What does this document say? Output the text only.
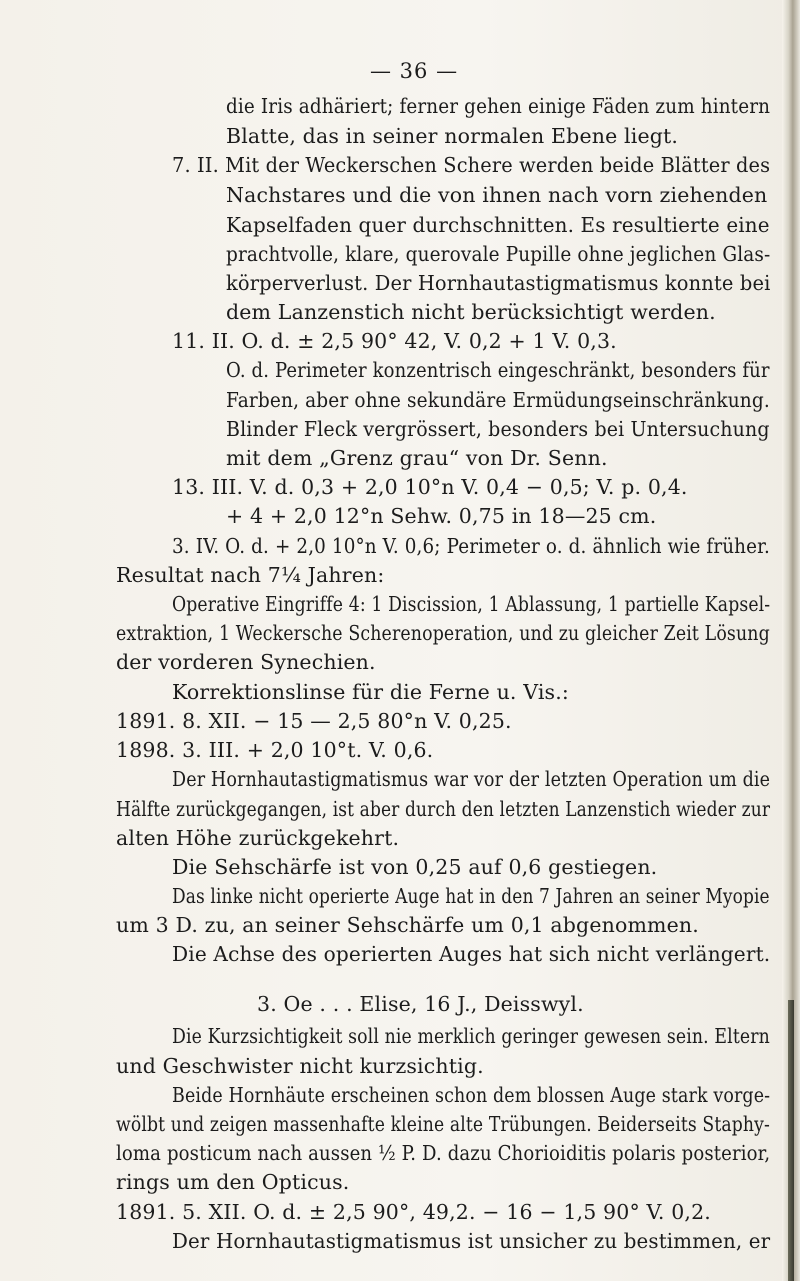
— 36 —
die Iris adhäriert; ferner gehen einige Fäden zum hintern
Blatte, das in seiner normalen Ebene liegt.
7. II. Mit der Weckerschen Schere werden beide Blätter des
Nachstares und die von ihnen nach vorn ziehenden
Kapselfaden quer durchschnitten. Es resultierte eine
prachtvolle, klare, querovale Pupille ohne jeglichen Glas-
körperverlust. Der Hornhautastigmatismus konnte bei
dem Lanzenstich nicht berücksichtigt werden.
11. II. O. d. ± 2,5 90° 42, V. 0,2 + 1 V. 0,3.
O. d. Perimeter konzentrisch eingeschränkt, besonders für
Farben, aber ohne sekundäre Ermüdungseinschränkung.
Blinder Fleck vergrössert, besonders bei Untersuchung
mit dem „Grenz grau“ von Dr. Senn.
13. III. V. d. 0,3 + 2,0 10°n V. 0,4 − 0,5; V. p. 0,4.
+ 4 + 2,0 12°n Sehw. 0,75 in 18—25 cm.
3. IV. O. d. + 2,0 10°n V. 0,6; Perimeter o. d. ähnlich wie früher.
Resultat nach 7¼ Jahren:
Operative Eingriffe 4: 1 Discission, 1 Ablassung, 1 partielle Kapsel-
extraktion, 1 Weckersche Scherenoperation, und zu gleicher Zeit Lösung
der vorderen Synechien.
Korrektionslinse für die Ferne u. Vis.:
1891. 8. XII. − 15 — 2,5 80°n V. 0,25.
1898. 3. III. + 2,0 10°t. V. 0,6.
Der Hornhautastigmatismus war vor der letzten Operation um die
Hälfte zurückgegangen, ist aber durch den letzten Lanzenstich wieder zur
alten Höhe zurückgekehrt.
Die Sehschärfe ist von 0,25 auf 0,6 gestiegen.
Das linke nicht operierte Auge hat in den 7 Jahren an seiner Myopie
um 3 D. zu, an seiner Sehschärfe um 0,1 abgenommen.
Die Achse des operierten Auges hat sich nicht verlängert.
3. Oe . . . Elise, 16 J., Deisswyl.
Die Kurzsichtigkeit soll nie merklich geringer gewesen sein. Eltern
und Geschwister nicht kurzsichtig.
Beide Hornhäute erscheinen schon dem blossen Auge stark vorge-
wölbt und zeigen massenhafte kleine alte Trübungen. Beiderseits Staphy-
loma posticum nach aussen ½ P. D. dazu Chorioiditis polaris posterior,
rings um den Opticus.
1891. 5. XII. O. d. ± 2,5 90°, 49,2. − 16 − 1,5 90° V. 0,2.
Der Hornhautastigmatismus ist unsicher zu bestimmen, er
